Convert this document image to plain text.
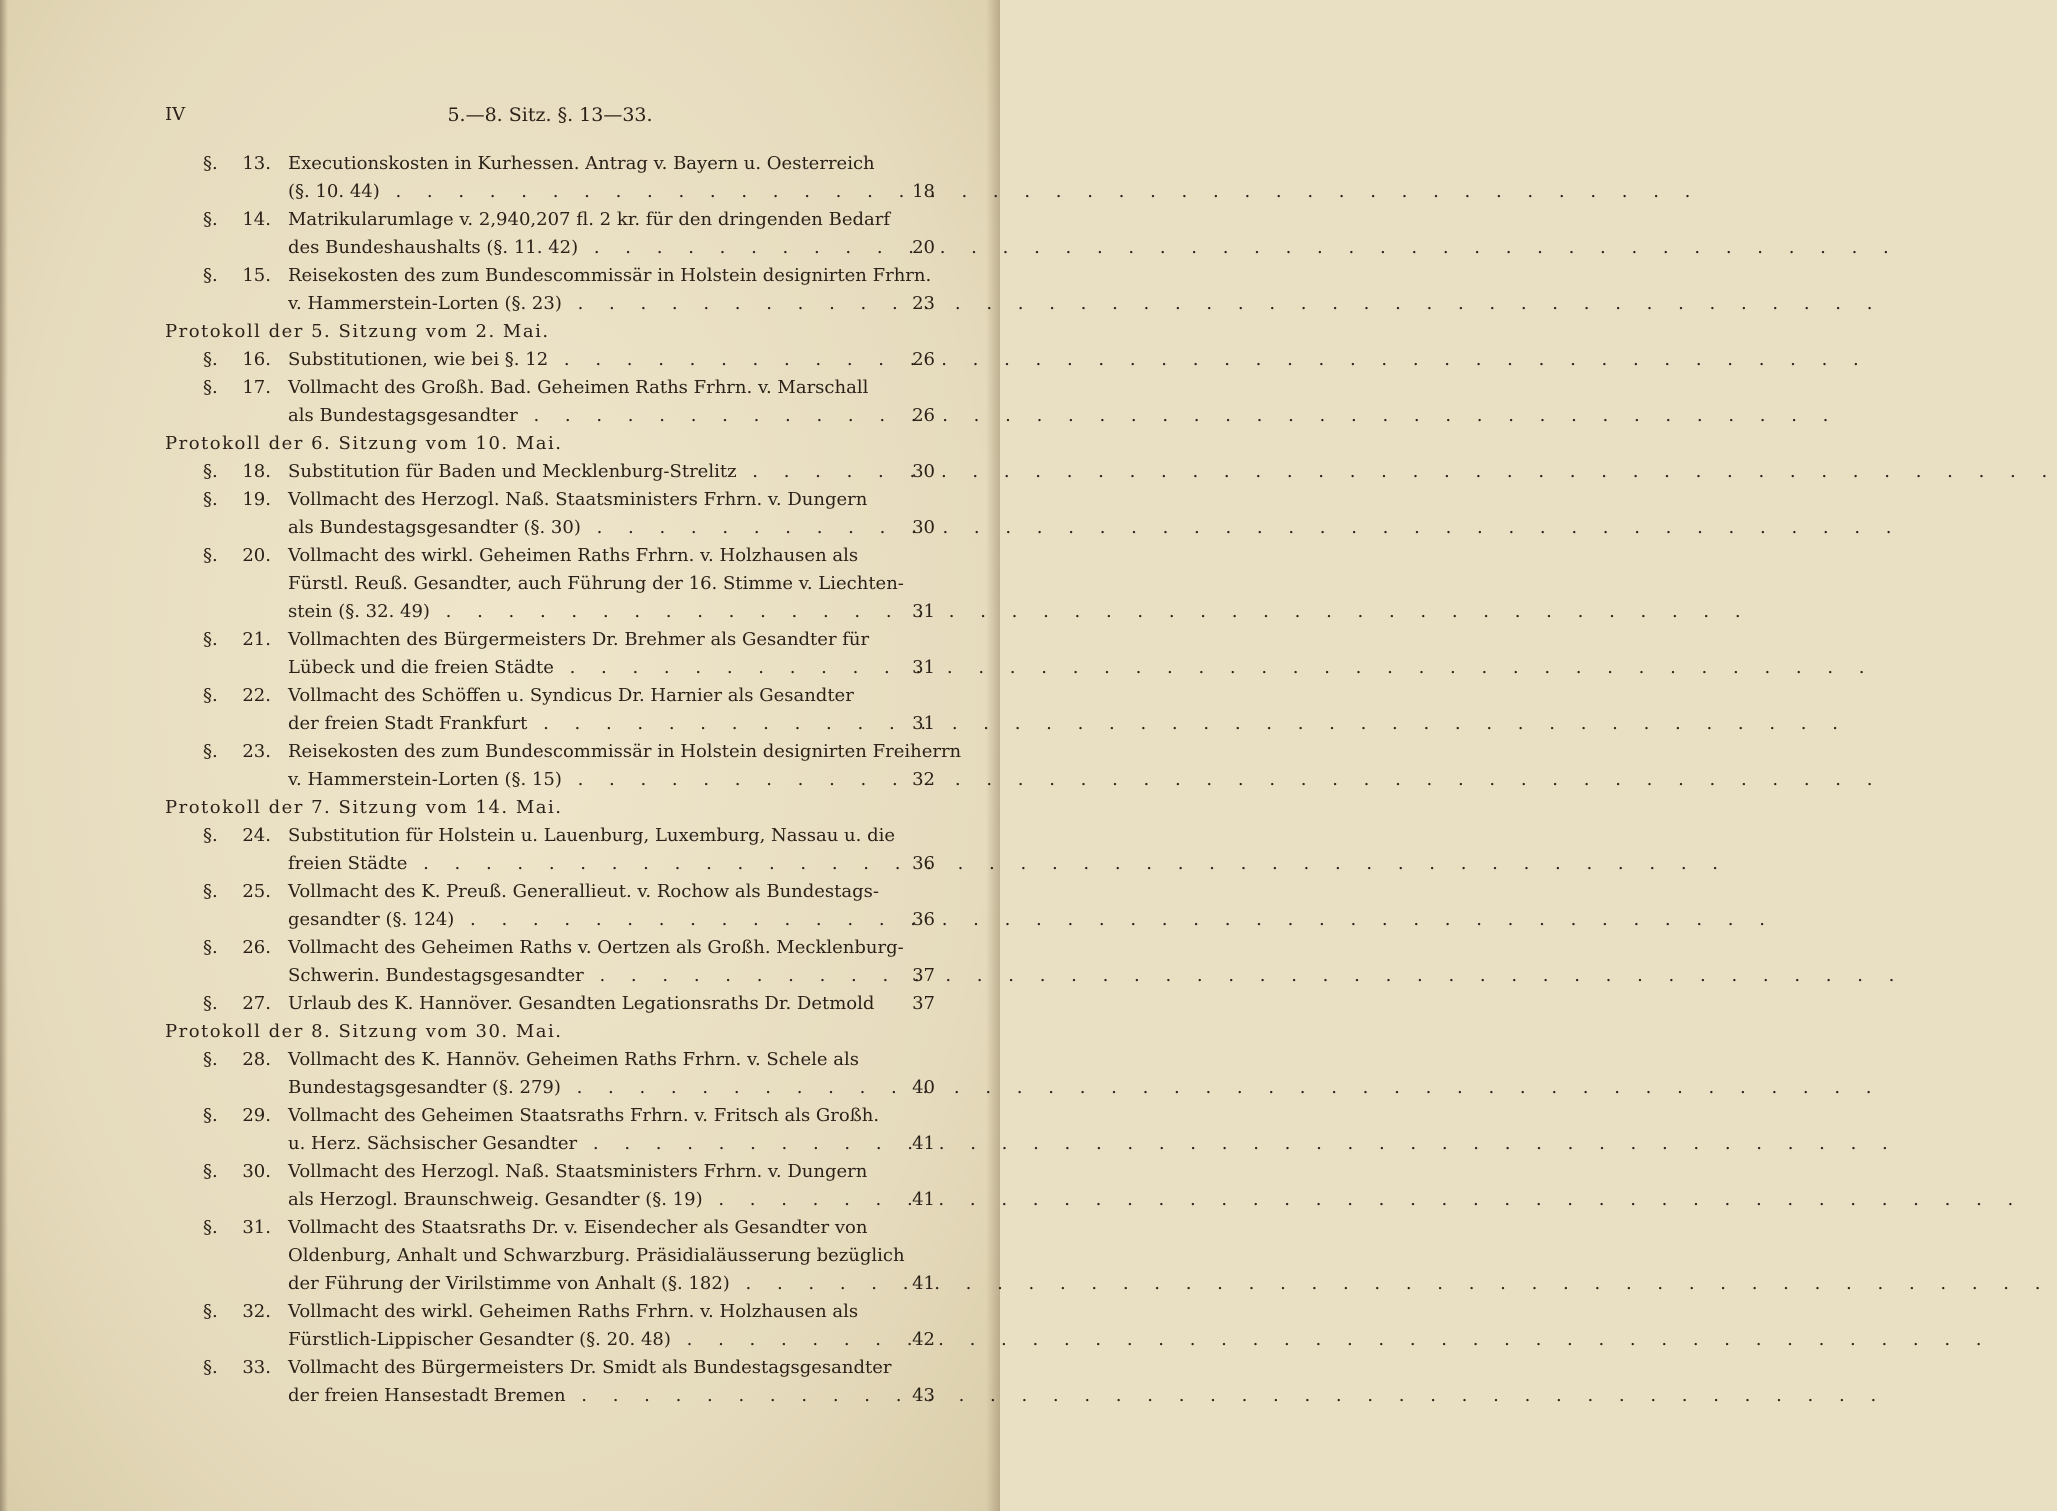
IV	5.—8. Sitz. §. 13—33.
§.	13. Executionskosten in Kurhessen. Antrag v. Bayern u. Oesterreich
(§. 10. 44) . . .	18
§.	14. Matrikularumlage v. 2,940,207 fl. 2 kr. für den dringenden Bedarf
des Bundeshaushalts (§. 11. 42) . . .	20
§.	15. Reisekosten des zum Bundescommissär in Holstein designirten Frhrn.
v. Hammerstein-Lorten (§. 23) . . .	23
Protokoll der 5. Sitzung vom 2. Mai.
§.	16. Substitutionen, wie bei §. 12 . . .	26
§.	17. Vollmacht des Großh. Bad. Geheimen Raths Frhrn. v. Marschall
als Bundestagsgesandter . . .	26
Protokoll der 6. Sitzung vom 10. Mai.
§.	18. Substitution für Baden und Mecklenburg-Strelitz . . .	30
§.	19. Vollmacht des Herzogl. Naß. Staatsministers Frhrn. v. Dungern
als Bundestagsgesandter (§. 30) . . .	30
§.	20. Vollmacht des wirkl. Geheimen Raths Frhrn. v. Holzhausen als
Fürstl. Reuß. Gesandter, auch Führung der 16. Stimme v. Liechten-
stein (§. 32. 49) . . .	31
§.	21. Vollmachten des Bürgermeisters Dr. Brehmer als Gesandter für
Lübeck und die freien Städte . . .	31
§.	22. Vollmacht des Schöffen u. Syndicus Dr. Harnier als Gesandter
der freien Stadt Frankfurt . . .	31
§.	23. Reisekosten des zum Bundescommissär in Holstein designirten Freiherrn
v. Hammerstein-Lorten (§. 15) . . .	32
Protokoll der 7. Sitzung vom 14. Mai.
§.	24. Substitution für Holstein u. Lauenburg, Luxemburg, Nassau u. die
freien Städte . . .	36
§.	25. Vollmacht des K. Preuß. Generallieut. v. Rochow als Bundestags-
gesandter (§. 124) . . .	36
§.	26. Vollmacht des Geheimen Raths v. Oertzen als Großh. Mecklenburg-
Schwerin. Bundestagsgesandter . . .	37
§.	27. Urlaub des K. Hannöver. Gesandten Legationsraths Dr. Detmold	37
Protokoll der 8. Sitzung vom 30. Mai.
§.	28. Vollmacht des K. Hannöv. Geheimen Raths Frhrn. v. Schele als
Bundestagsgesandter (§. 279) . . .	40
§.	29. Vollmacht des Geheimen Staatsraths Frhrn. v. Fritsch als Großh.
u. Herz. Sächsischer Gesandter . . .	41
§.	30. Vollmacht des Herzogl. Naß. Staatsministers Frhrn. v. Dungern
als Herzogl. Braunschweig. Gesandter (§. 19) . . .	41
§.	31. Vollmacht des Staatsraths Dr. v. Eisendecher als Gesandter von
Oldenburg, Anhalt und Schwarzburg. Präsidialäusserung bezüglich
der Führung der Virilstimme von Anhalt (§. 182) . . .	41
§.	32. Vollmacht des wirkl. Geheimen Raths Frhrn. v. Holzhausen als
Fürstlich-Lippischer Gesandter (§. 20. 48) . . .	42
§.	33. Vollmacht des Bürgermeisters Dr. Smidt als Bundestagsgesandter
der freien Hansestadt Bremen . . .	43
